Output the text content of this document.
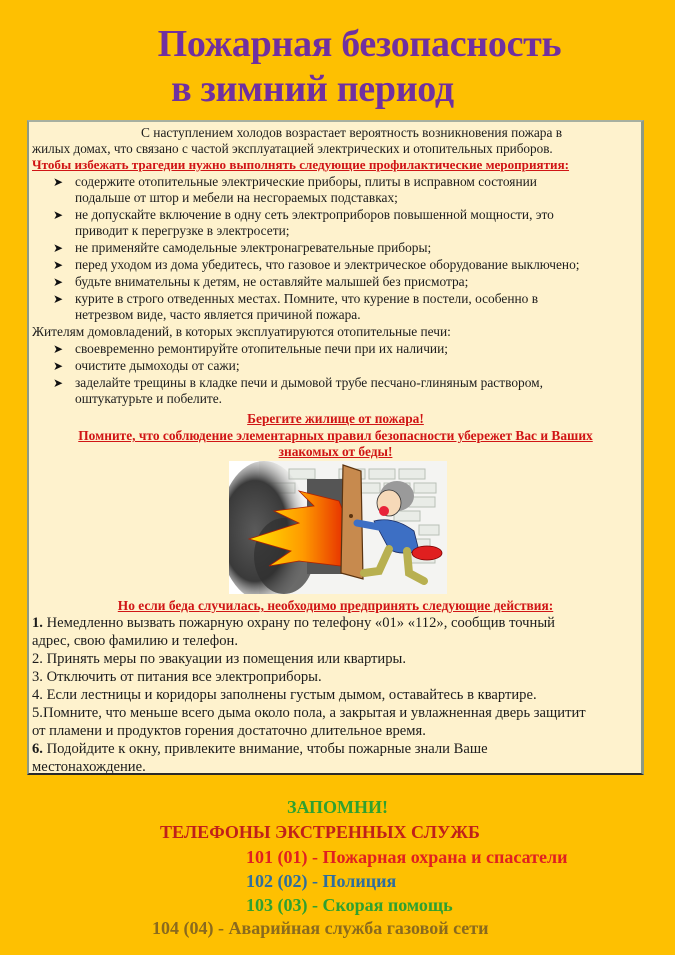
Пожарная безопасность
в зимний период
С наступлением холодов возрастает вероятность возникновения пожара в
жилых домах, что связано с частой эксплуатацией электрических и отопительных приборов.
Чтобы избежать трагедии нужно выполнять следующие профилактические мероприятия:
➤ содержите отопительные электрические приборы, плиты в исправном состоянии
подальше от штор и мебели на несгораемых подставках;
➤ не допускайте включение в одну сеть электроприборов повышенной мощности, это
приводит к перегрузке в электросети;
➤ не применяйте самодельные электронагревательные приборы;
➤ перед уходом из дома убедитесь, что газовое и электрическое оборудование выключено;
➤ будьте внимательны к детям, не оставляйте малышей без присмотра;
➤ курите в строго отведенных местах. Помните, что курение в постели, особенно в
нетрезвом виде, часто является причиной пожара.
Жителям домовладений, в которых эксплуатируются отопительные печи:
➤ своевременно ремонтируйте отопительные печи при их наличии;
➤ очистите дымоходы от сажи;
➤ заделайте трещины в кладке печи и дымовой трубе песчано-глиняным раствором,
оштукатурьте и побелите.
Берегите жилище от пожара!
Помните, что соблюдение элементарных правил безопасности убережет Вас и Ваших
знакомых от беды!
Но если беда случилась, необходимо предпринять следующие действия:
1. Немедленно вызвать пожарную охрану по телефону «01» «112», сообщив точный
адрес, свою фамилию и телефон.
2. Принять меры по эвакуации из помещения или квартиры.
3. Отключить от питания все электроприборы.
4. Если лестницы и коридоры заполнены густым дымом, оставайтесь в квартире.
5.Помните, что меньше всего дыма около пола, а закрытая и увлажненная дверь защитит
от пламени и продуктов горения достаточно длительное время.
6. Подойдите к окну, привлеките внимание, чтобы пожарные знали Ваше
местонахождение.
ЗАПОМНИ!
ТЕЛЕФОНЫ ЭКСТРЕННЫХ СЛУЖБ
101 (01) - Пожарная охрана и спасатели
102 (02) - Полиция
103 (03) - Скорая помощь
104 (04) - Аварийная служба газовой сети
